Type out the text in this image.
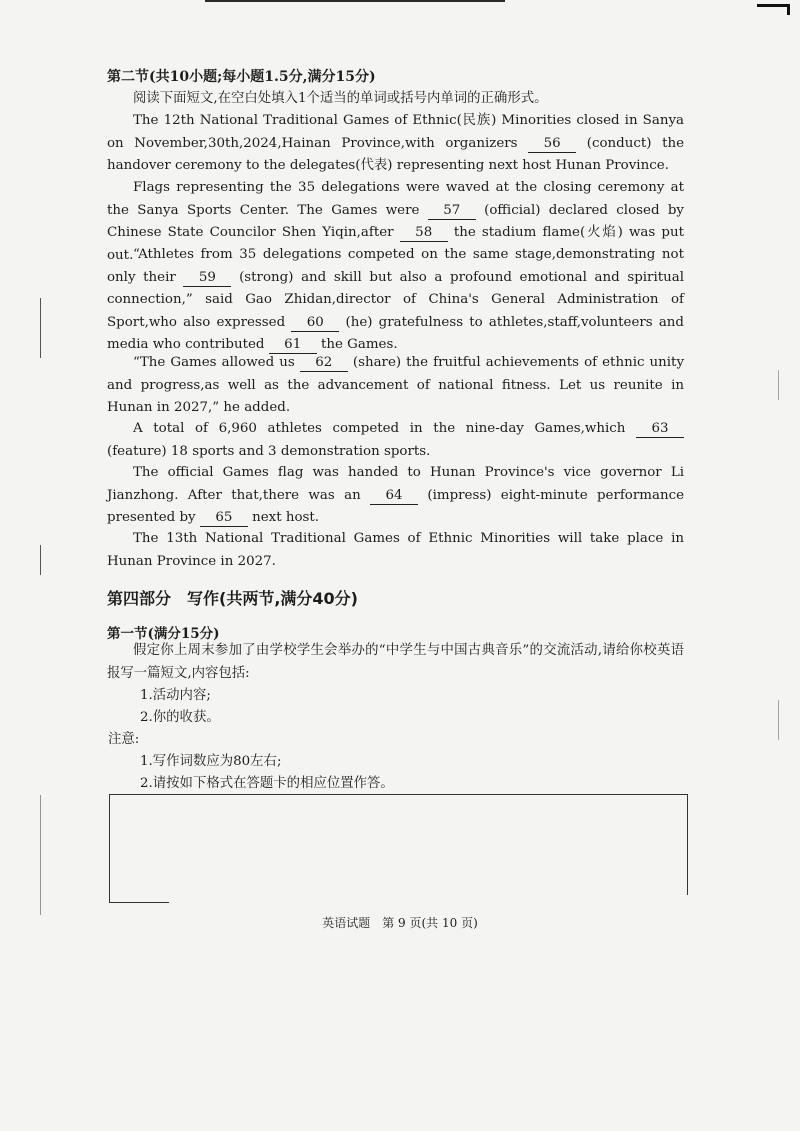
第二节(共10小题;每小题1.5分,满分15分)

阅读下面短文,在空白处填入1个适当的单词或括号内单词的正确形式。

The 12th National Traditional Games of Ethnic(民族) Minorities closed in Sanya on November,30th,2024,Hainan Province,with organizers 56 (conduct) the handover ceremony to the delegates(代表) representing next host Hunan Province.

Flags representing the 35 delegations were waved at the closing ceremony at the Sanya Sports Center. The Games were 57 (official) declared closed by Chinese State Councilor Shen Yiqin,after 58 the stadium flame(火焰) was put out. “Athletes from 35 delegations competed on the same stage,demonstrating not only their 59 (strong) and skill but also a profound emotional and spiritual connection,” said Gao Zhidan,director of China's General Administration of Sport,who also expressed 60 (he) gratefulness to athletes,staff,volunteers and media who contributed 61 the Games.

“The Games allowed us 62 (share) the fruitful achievements of ethnic unity and progress,as well as the advancement of national fitness. Let us reunite in Hunan in 2027,” he added.

A total of 6,960 athletes competed in the nine-day Games,which 63 (feature) 18 sports and 3 demonstration sports.

The official Games flag was handed to Hunan Province's vice governor Li Jianzhong. After that,there was an 64 (impress) eight-minute performance presented by 65 next host.

The 13th National Traditional Games of Ethnic Minorities will take place in Hunan Province in 2027.

第四部分　写作(共两节,满分40分)
第一节(满分15分)

假定你上周末参加了由学校学生会举办的“中学生与中国古典音乐”的交流活动,请给你校英语报写一篇短文,内容包括:

1.活动内容;
2.你的收获。
注意:
1.写作词数应为80左右;
2.请按如下格式在答题卡的相应位置作答。
英语试题　第 9 页(共 10 页)
